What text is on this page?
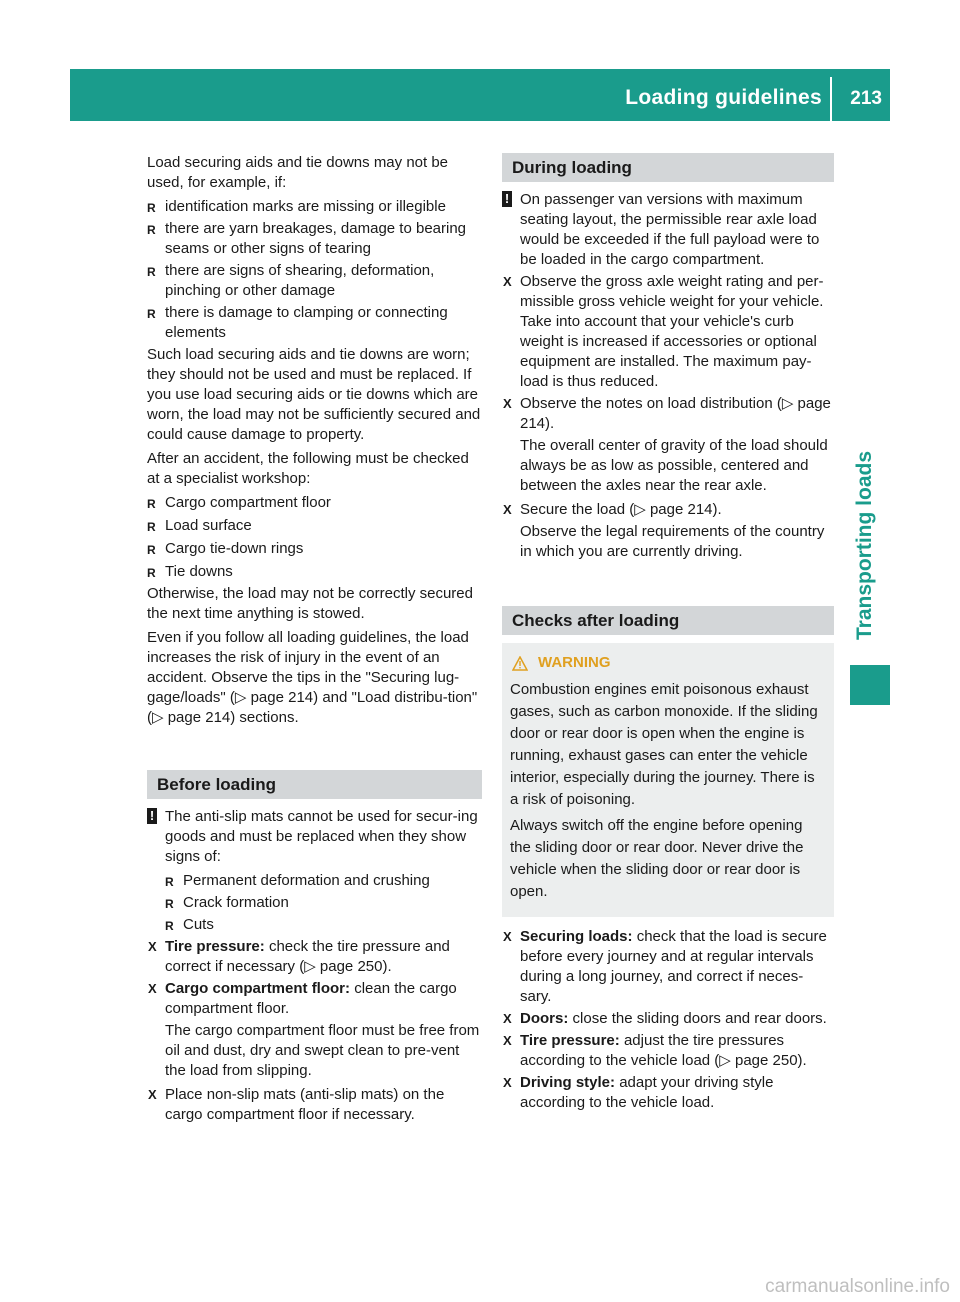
Loading guidelines 213
Transporting loads

Load securing aids and tie downs may not be used, for example, if:

R identification marks are missing or illegible
R there are yarn breakages, damage to bearing seams or other signs of tearing
R there are signs of shearing, deformation, pinching or other damage
R there is damage to clamping or connecting elements

Such load securing aids and tie downs are worn; they should not be used and must be replaced. If you use load securing aids or tie downs which are worn, the load may not be sufficiently secured and could cause damage to property.

After an accident, the following must be checked at a specialist workshop:

R Cargo compartment floor
R Load surface
R Cargo tie-down rings
R Tie downs

Otherwise, the load may not be correctly secured the next time anything is stowed.

Even if you follow all loading guidelines, the load increases the risk of injury in the event of an accident. Observe the tips in the "Securing lug-gage/loads" (▷ page 214) and "Load distribu-tion" (▷ page 214) sections.

Before loading
! The anti-slip mats cannot be used for secur-ing goods and must be replaced when they show signs of:
R Permanent deformation and crushing
R Crack formation
R Cuts
X Tire pressure: check the tire pressure and correct if necessary (▷ page 250).
X Cargo compartment floor: clean the cargo compartment floor.

The cargo compartment floor must be free from oil and dust, dry and swept clean to pre-vent the load from slipping.

X Place non-slip mats (anti-slip mats) on the cargo compartment floor if necessary.
During loading
! On passenger van versions with maximum seating layout, the permissible rear axle load would be exceeded if the full payload were to be loaded in the cargo compartment.
X Observe the gross axle weight rating and per-missible gross vehicle weight for your vehicle. Take into account that your vehicle's curb weight is increased if accessories or optional equipment are installed. The maximum pay-load is thus reduced.
X Observe the notes on load distribution (▷ page 214).

The overall center of gravity of the load should always be as low as possible, centered and between the axles near the rear axle.

X Secure the load (▷ page 214).

Observe the legal requirements of the country in which you are currently driving.

Checks after loading
WARNING

Combustion engines emit poisonous exhaust gases, such as carbon monoxide. If the sliding door or rear door is open when the engine is running, exhaust gases can enter the vehicle interior, especially during the journey. There is a risk of poisoning.

Always switch off the engine before opening the sliding door or rear door. Never drive the vehicle when the sliding door or rear door is open.

X Securing loads: check that the load is secure before every journey and at regular intervals during a long journey, and correct if neces-sary.
X Doors: close the sliding doors and rear doors.
X Tire pressure: adjust the tire pressures according to the vehicle load (▷ page 250).
X Driving style: adapt your driving style according to the vehicle load.
carmanualsonline.info
